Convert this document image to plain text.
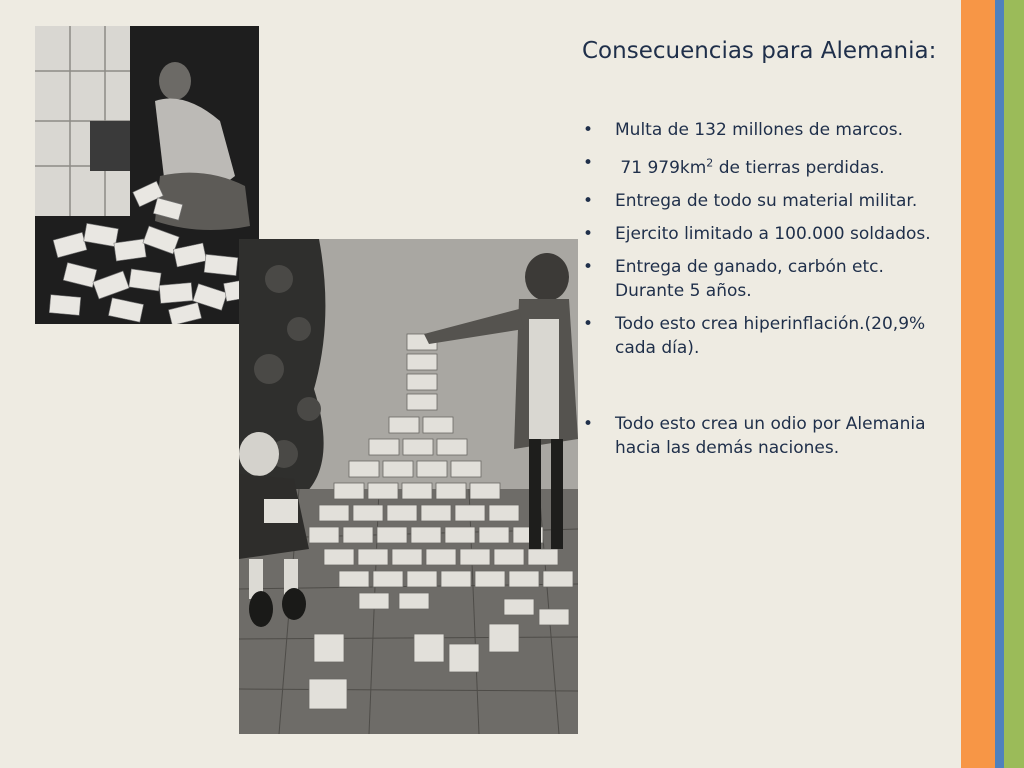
Consecuencias para Alemania:
• Multa de 132 millones de marcos.
• 71 $979km^2$ de tierras perdidas.
• Entrega de todo su material militar.
• Ejercito limitado a 100.000 soldados.
• Entrega de ganado, carbón etc. Durante 5 años.
• Todo esto crea hiperinflación.(20,9% cada día).
• Todo esto crea un odio por Alemania hacia las demás naciones.
